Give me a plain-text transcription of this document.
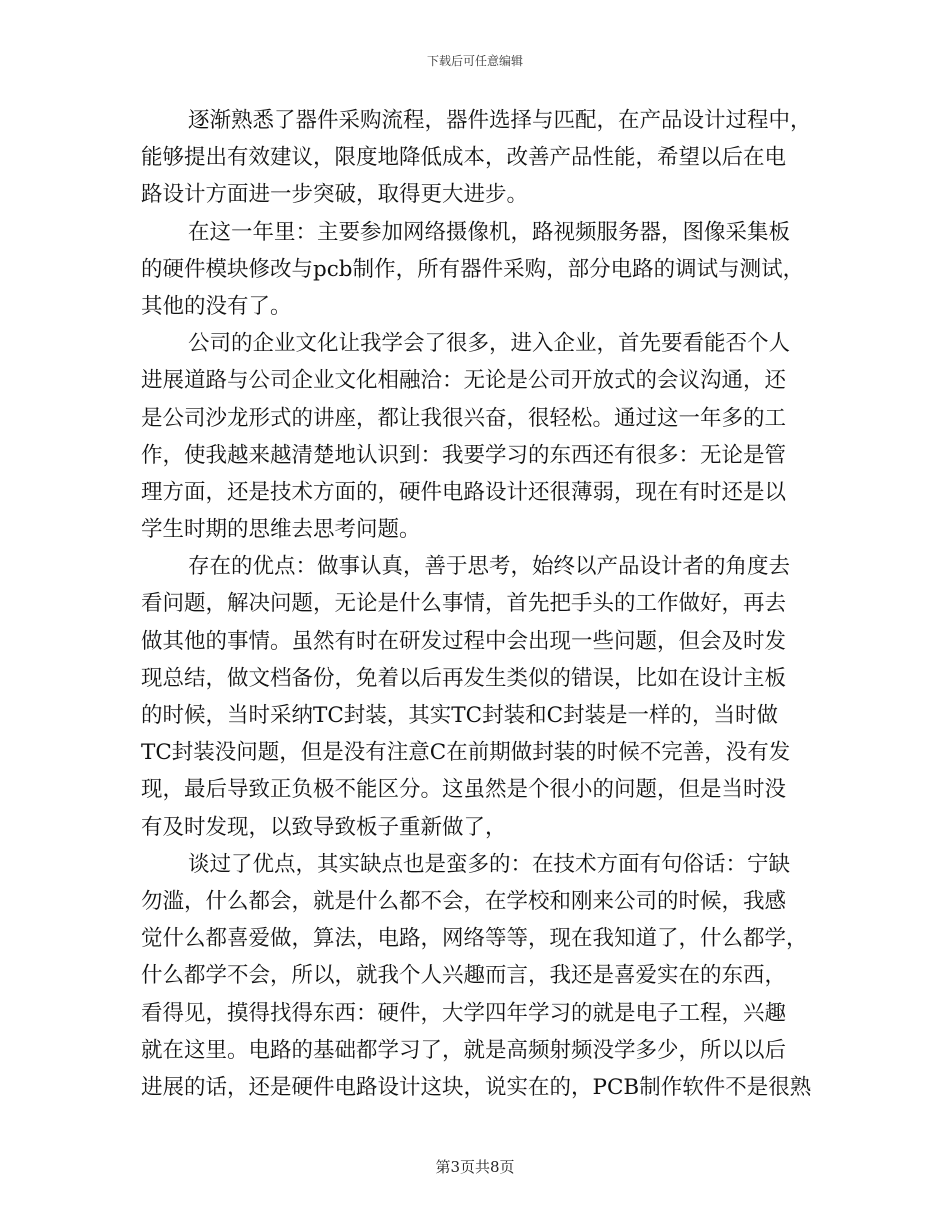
下载后可任意编辑
逐渐熟悉了器件采购流程，器件选择与匹配，在产品设计过程中，
能够提出有效建议，限度地降低成本，改善产品性能，希望以后在电
路设计方面进一步突破，取得更大进步。
在这一年里：主要参加网络摄像机，路视频服务器，图像采集板
的硬件模块修改与pcb制作，所有器件采购，部分电路的调试与测试，
其他的没有了。
公司的企业文化让我学会了很多，进入企业，首先要看能否个人
进展道路与公司企业文化相融洽：无论是公司开放式的会议沟通，还
是公司沙龙形式的讲座，都让我很兴奋，很轻松。通过这一年多的工
作，使我越来越清楚地认识到：我要学习的东西还有很多：无论是管
理方面，还是技术方面的，硬件电路设计还很薄弱，现在有时还是以
学生时期的思维去思考问题。
存在的优点：做事认真，善于思考，始终以产品设计者的角度去
看问题，解决问题，无论是什么事情，首先把手头的工作做好，再去
做其他的事情。虽然有时在研发过程中会出现一些问题，但会及时发
现总结，做文档备份，免着以后再发生类似的错误，比如在设计主板
的时候，当时采纳TC封装，其实TC封装和C封装是一样的，当时做
TC封装没问题，但是没有注意C在前期做封装的时候不完善，没有发
现，最后导致正负极不能区分。这虽然是个很小的问题，但是当时没
有及时发现，以致导致板子重新做了，
谈过了优点，其实缺点也是蛮多的：在技术方面有句俗话：宁缺
勿滥，什么都会，就是什么都不会，在学校和刚来公司的时候，我感
觉什么都喜爱做，算法，电路，网络等等，现在我知道了，什么都学，
什么都学不会，所以，就我个人兴趣而言，我还是喜爱实在的东西，
看得见，摸得找得东西：硬件，大学四年学习的就是电子工程，兴趣
就在这里。电路的基础都学习了，就是高频射频没学多少，所以以后
进展的话，还是硬件电路设计这块，说实在的，PCB制作软件不是很熟
第3页共8页
